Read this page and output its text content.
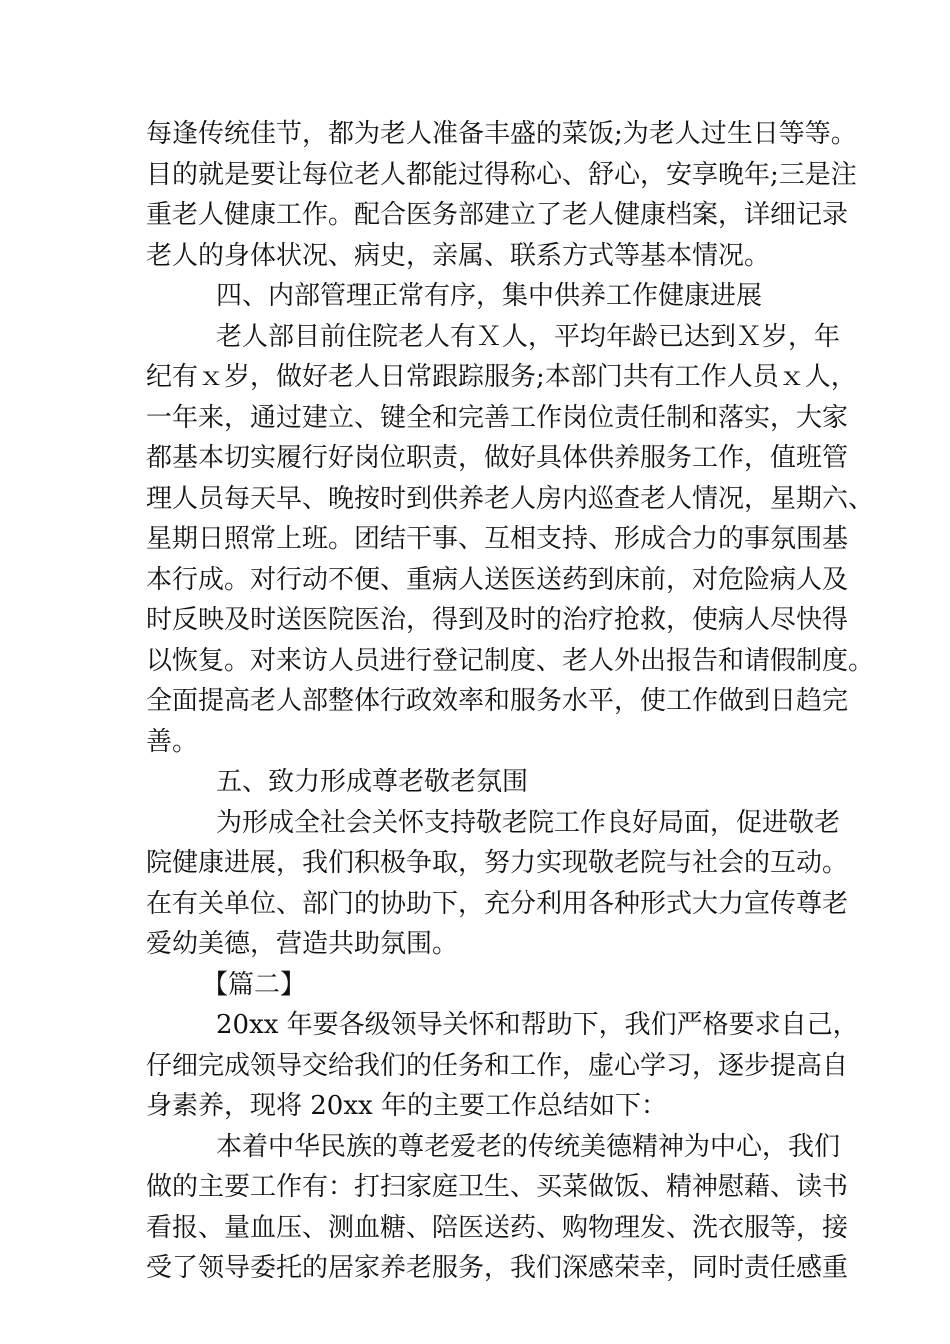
每逢传统佳节，都为老人准备丰盛的菜饭;为老人过生日等等。
目的就是要让每位老人都能过得称心、舒心，安享晚年;三是注
重老人健康工作。配合医务部建立了老人健康档案，详细记录
老人的身体状况、病史，亲属、联系方式等基本情况。
四、内部管理正常有序，集中供养工作健康进展
老人部目前住院老人有Ｘ人，平均年龄已达到Ｘ岁，年
纪有ｘ岁，做好老人日常跟踪服务;本部门共有工作人员ｘ人，
一年来，通过建立、键全和完善工作岗位责任制和落实，大家
都基本切实履行好岗位职责，做好具体供养服务工作，值班管
理人员每天早、晚按时到供养老人房内巡查老人情况，星期六、
星期日照常上班。团结干事、互相支持、形成合力的事氛围基
本行成。对行动不便、重病人送医送药到床前，对危险病人及
时反映及时送医院医治，得到及时的治疗抢救，使病人尽快得
以恢复。对来访人员进行登记制度、老人外出报告和请假制度。
全面提高老人部整体行政效率和服务水平，使工作做到日趋完
善。
五、致力形成尊老敬老氛围
为形成全社会关怀支持敬老院工作良好局面，促进敬老
院健康进展，我们积极争取，努力实现敬老院与社会的互动。
在有关单位、部门的协助下，充分利用各种形式大力宣传尊老
爱幼美德，营造共助氛围。
【篇二】
20xx 年要各级领导关怀和帮助下，我们严格要求自己，
仔细完成领导交给我们的任务和工作，虚心学习，逐步提高自
身素养，现将 20xx 年的主要工作总结如下：
本着中华民族的尊老爱老的传统美德精神为中心，我们
做的主要工作有：打扫家庭卫生、买菜做饭、精神慰藉、读书
看报、量血压、测血糖、陪医送药、购物理发、洗衣服等，接
受了领导委托的居家养老服务，我们深感荣幸，同时责任感重
